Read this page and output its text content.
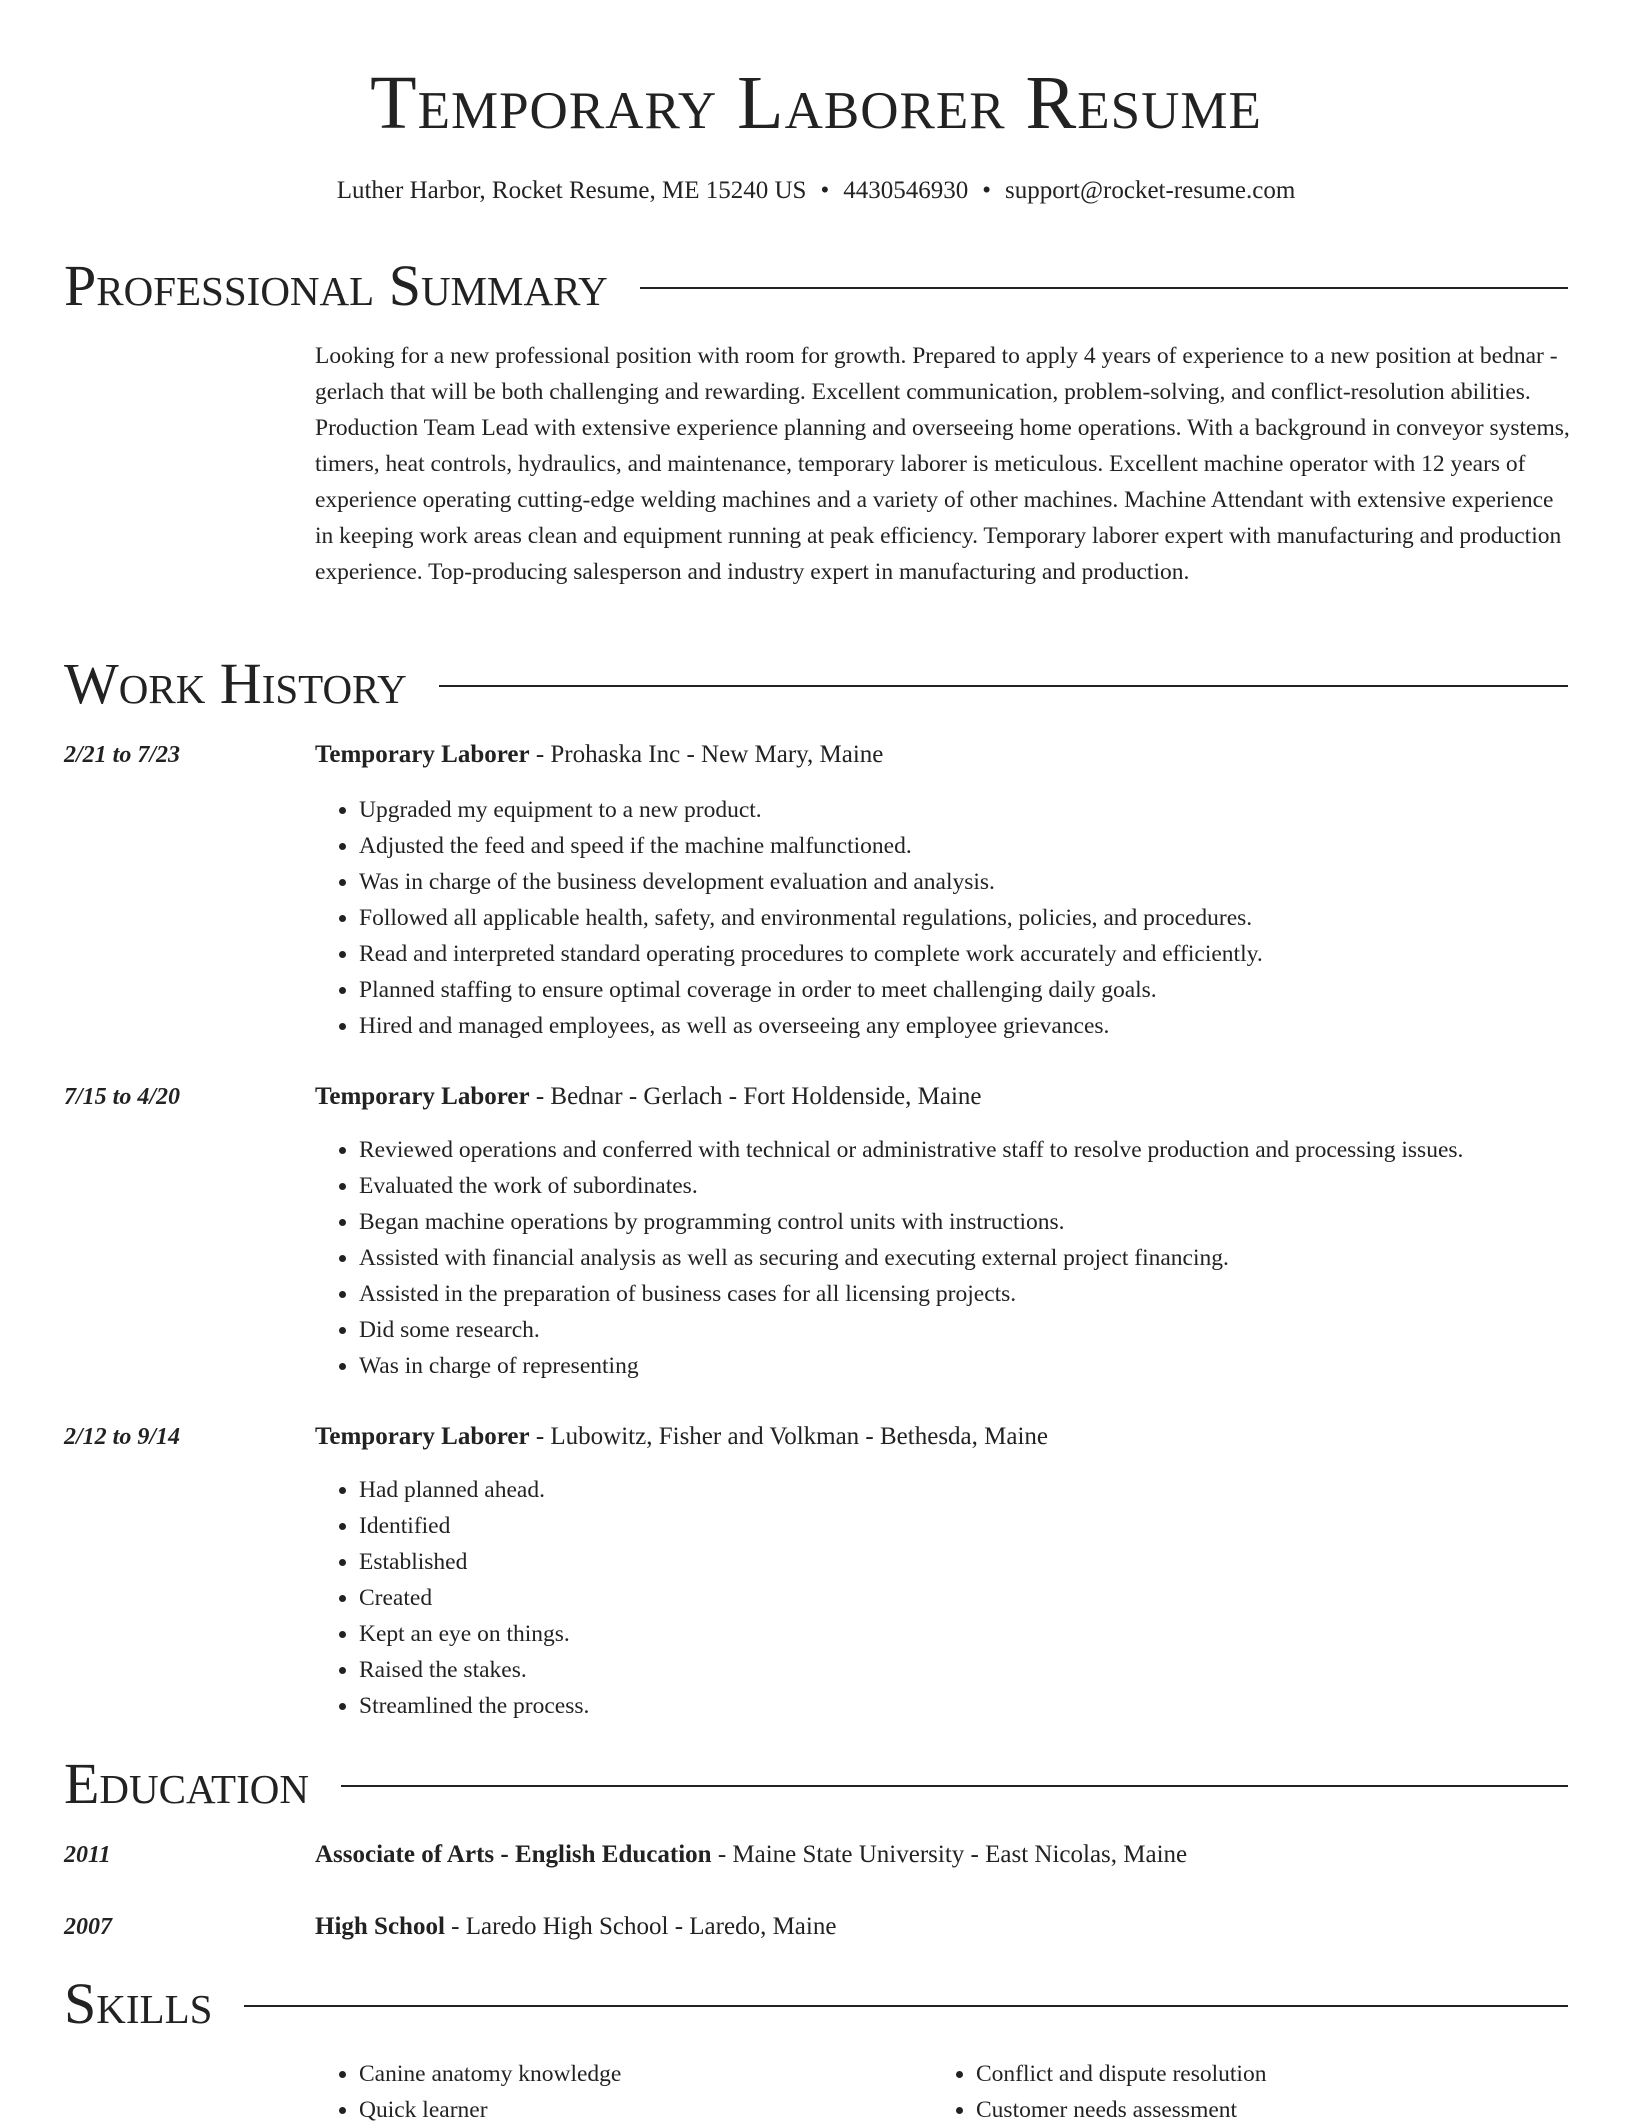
Temporary Laborer Resume
Luther Harbor, Rocket Resume, ME 15240 US • 4430546930 • support@rocket-resume.com
Professional Summary
Looking for a new professional position with room for growth. Prepared to apply 4 years of experience to a new position at bednar - gerlach that will be both challenging and rewarding. Excellent communication, problem-solving, and conflict-resolution abilities. Production Team Lead with extensive experience planning and overseeing home operations. With a background in conveyor systems, timers, heat controls, hydraulics, and maintenance, temporary laborer is meticulous. Excellent machine operator with 12 years of experience operating cutting-edge welding machines and a variety of other machines. Machine Attendant with extensive experience in keeping work areas clean and equipment running at peak efficiency. Temporary laborer expert with manufacturing and production experience. Top-producing salesperson and industry expert in manufacturing and production.
Work History
2/21 to 7/23	Temporary Laborer - Prohaska Inc - New Mary, Maine
• Upgraded my equipment to a new product.
• Adjusted the feed and speed if the machine malfunctioned.
• Was in charge of the business development evaluation and analysis.
• Followed all applicable health, safety, and environmental regulations, policies, and procedures.
• Read and interpreted standard operating procedures to complete work accurately and efficiently.
• Planned staffing to ensure optimal coverage in order to meet challenging daily goals.
• Hired and managed employees, as well as overseeing any employee grievances.
7/15 to 4/20	Temporary Laborer - Bednar - Gerlach - Fort Holdenside, Maine
• Reviewed operations and conferred with technical or administrative staff to resolve production and processing issues.
• Evaluated the work of subordinates.
• Began machine operations by programming control units with instructions.
• Assisted with financial analysis as well as securing and executing external project financing.
• Assisted in the preparation of business cases for all licensing projects.
• Did some research.
• Was in charge of representing
2/12 to 9/14	Temporary Laborer - Lubowitz, Fisher and Volkman - Bethesda, Maine
• Had planned ahead.
• Identified
• Established
• Created
• Kept an eye on things.
• Raised the stakes.
• Streamlined the process.
Education
2011	Associate of Arts - English Education - Maine State University - East Nicolas, Maine
2007	High School - Laredo High School - Laredo, Maine
Skills
• Canine anatomy knowledge
• Quick learner
• Conflict and dispute resolution
• Customer needs assessment
